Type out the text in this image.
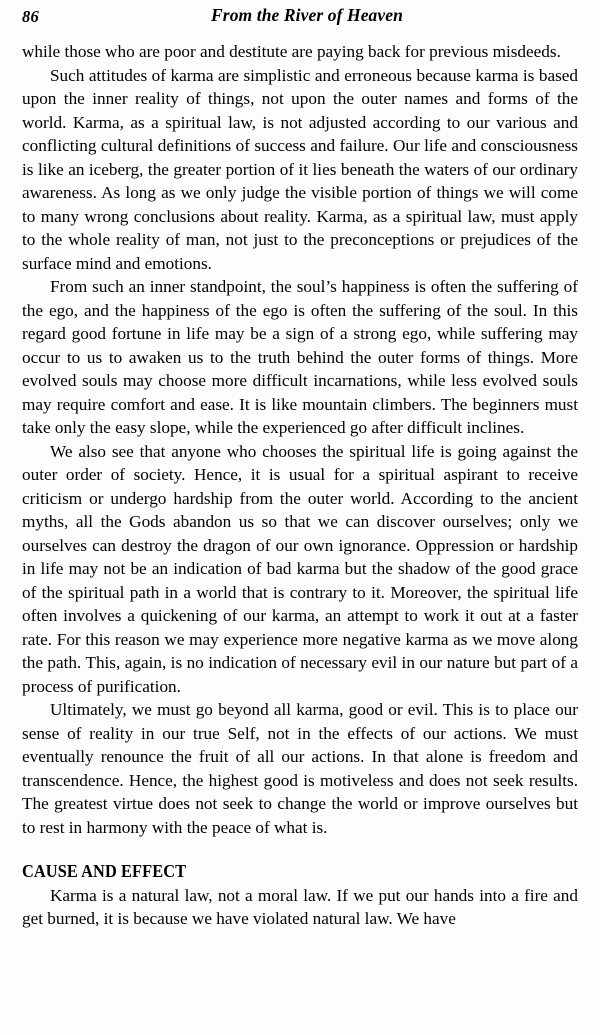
86	From the River of Heaven

while those who are poor and destitute are paying back for previous misdeeds.

Such attitudes of karma are simplistic and erroneous because karma is based upon the inner reality of things, not upon the outer names and forms of the world. Karma, as a spiritual law, is not adjusted according to our various and conflicting cultural definitions of success and failure. Our life and consciousness is like an iceberg, the greater portion of it lies beneath the waters of our ordinary awareness. As long as we only judge the visible portion of things we will come to many wrong conclusions about reality. Karma, as a spiritual law, must apply to the whole reality of man, not just to the preconceptions or prejudices of the surface mind and emotions.

From such an inner standpoint, the soul’s happiness is often the suffering of the ego, and the happiness of the ego is often the suffering of the soul. In this regard good fortune in life may be a sign of a strong ego, while suffering may occur to us to awaken us to the truth behind the outer forms of things. More evolved souls may choose more difficult incarnations, while less evolved souls may require comfort and ease. It is like mountain climbers. The beginners must take only the easy slope, while the experienced go after difficult inclines.

We also see that anyone who chooses the spiritual life is going against the outer order of society. Hence, it is usual for a spiritual aspirant to receive criticism or undergo hardship from the outer world. According to the ancient myths, all the Gods abandon us so that we can discover ourselves; only we ourselves can destroy the dragon of our own ignorance. Oppression or hardship in life may not be an indication of bad karma but the shadow of the good grace of the spiritual path in a world that is contrary to it. Moreover, the spiritual life often involves a quickening of our karma, an attempt to work it out at a faster rate. For this reason we may experience more negative karma as we move along the path. This, again, is no indication of necessary evil in our nature but part of a process of purification.

Ultimately, we must go beyond all karma, good or evil. This is to place our sense of reality in our true Self, not in the effects of our actions. We must eventually renounce the fruit of all our actions. In that alone is freedom and transcendence. Hence, the highest good is motiveless and does not seek results. The greatest virtue does not seek to change the world or improve ourselves but to rest in harmony with the peace of what is.

CAUSE AND EFFECT

Karma is a natural law, not a moral law. If we put our hands into a fire and get burned, it is because we have violated natural law. We have
